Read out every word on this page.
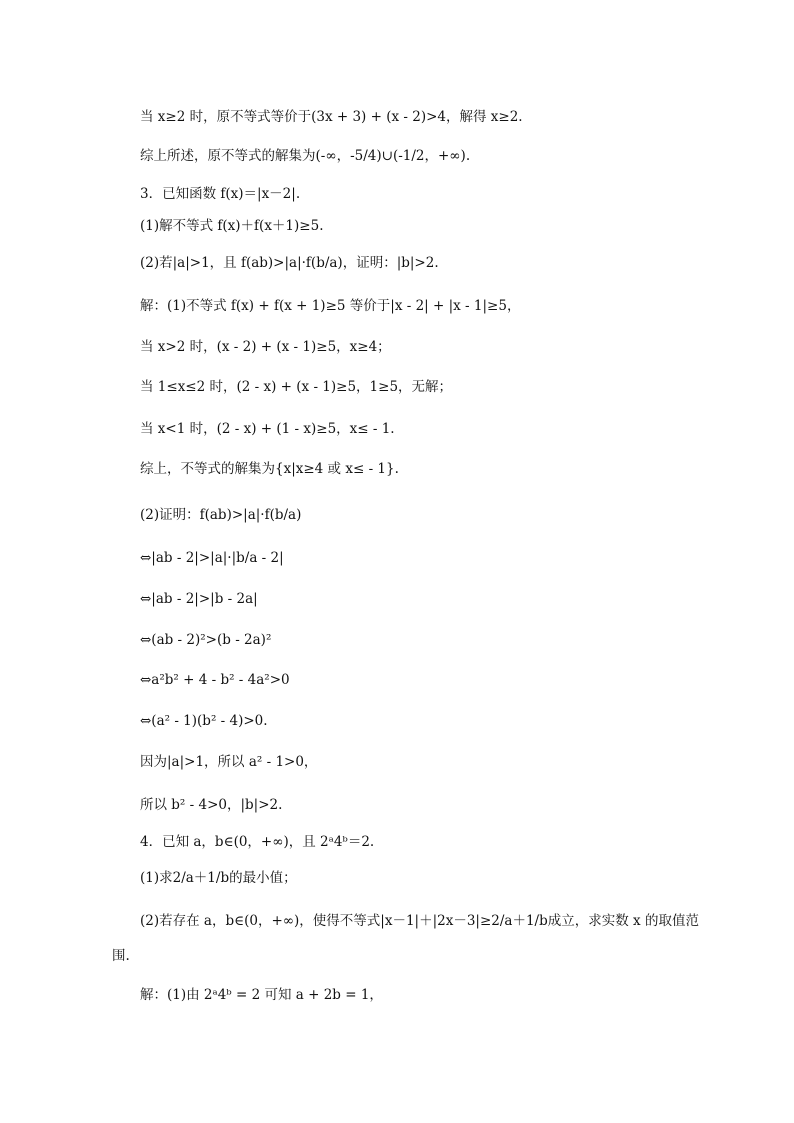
当 x≥2 时，原不等式等价于(3x + 3) + (x - 2)>4，解得 x≥2.
综上所述，原不等式的解集为(-∞，-5/4)∪(-1/2，+∞).
3．已知函数 f(x)＝|x－2|.
(1)解不等式 f(x)＋f(x＋1)≥5.
(2)若|a|>1，且 f(ab)>|a|·f(b/a)，证明：|b|>2.
解：(1)不等式 f(x) + f(x + 1)≥5 等价于|x - 2| + |x - 1|≥5，
当 x>2 时，(x - 2) + (x - 1)≥5，x≥4；
当 1≤x≤2 时，(2 - x) + (x - 1)≥5，1≥5，无解；
当 x<1 时，(2 - x) + (1 - x)≥5，x≤ - 1.
综上，不等式的解集为{x|x≥4 或 x≤ - 1}.
(2)证明：f(ab)>|a|·f(b/a)
⇔|ab - 2|>|a|·|b/a - 2|
⇔|ab - 2|>|b - 2a|
⇔(ab - 2)²>(b - 2a)²
⇔a²b² + 4 - b² - 4a²>0
⇔(a² - 1)(b² - 4)>0.
因为|a|>1，所以 a² - 1>0，
所以 b² - 4>0，|b|>2.
4．已知 a，b∈(0，+∞)，且 2ᵃ4ᵇ＝2.
(1)求2/a＋1/b的最小值；
(2)若存在 a，b∈(0，+∞)，使得不等式|x－1|＋|2x－3|≥2/a＋1/b成立，求实数 x 的取值范
围.
解：(1)由 2ᵃ4ᵇ = 2 可知 a + 2b = 1，
